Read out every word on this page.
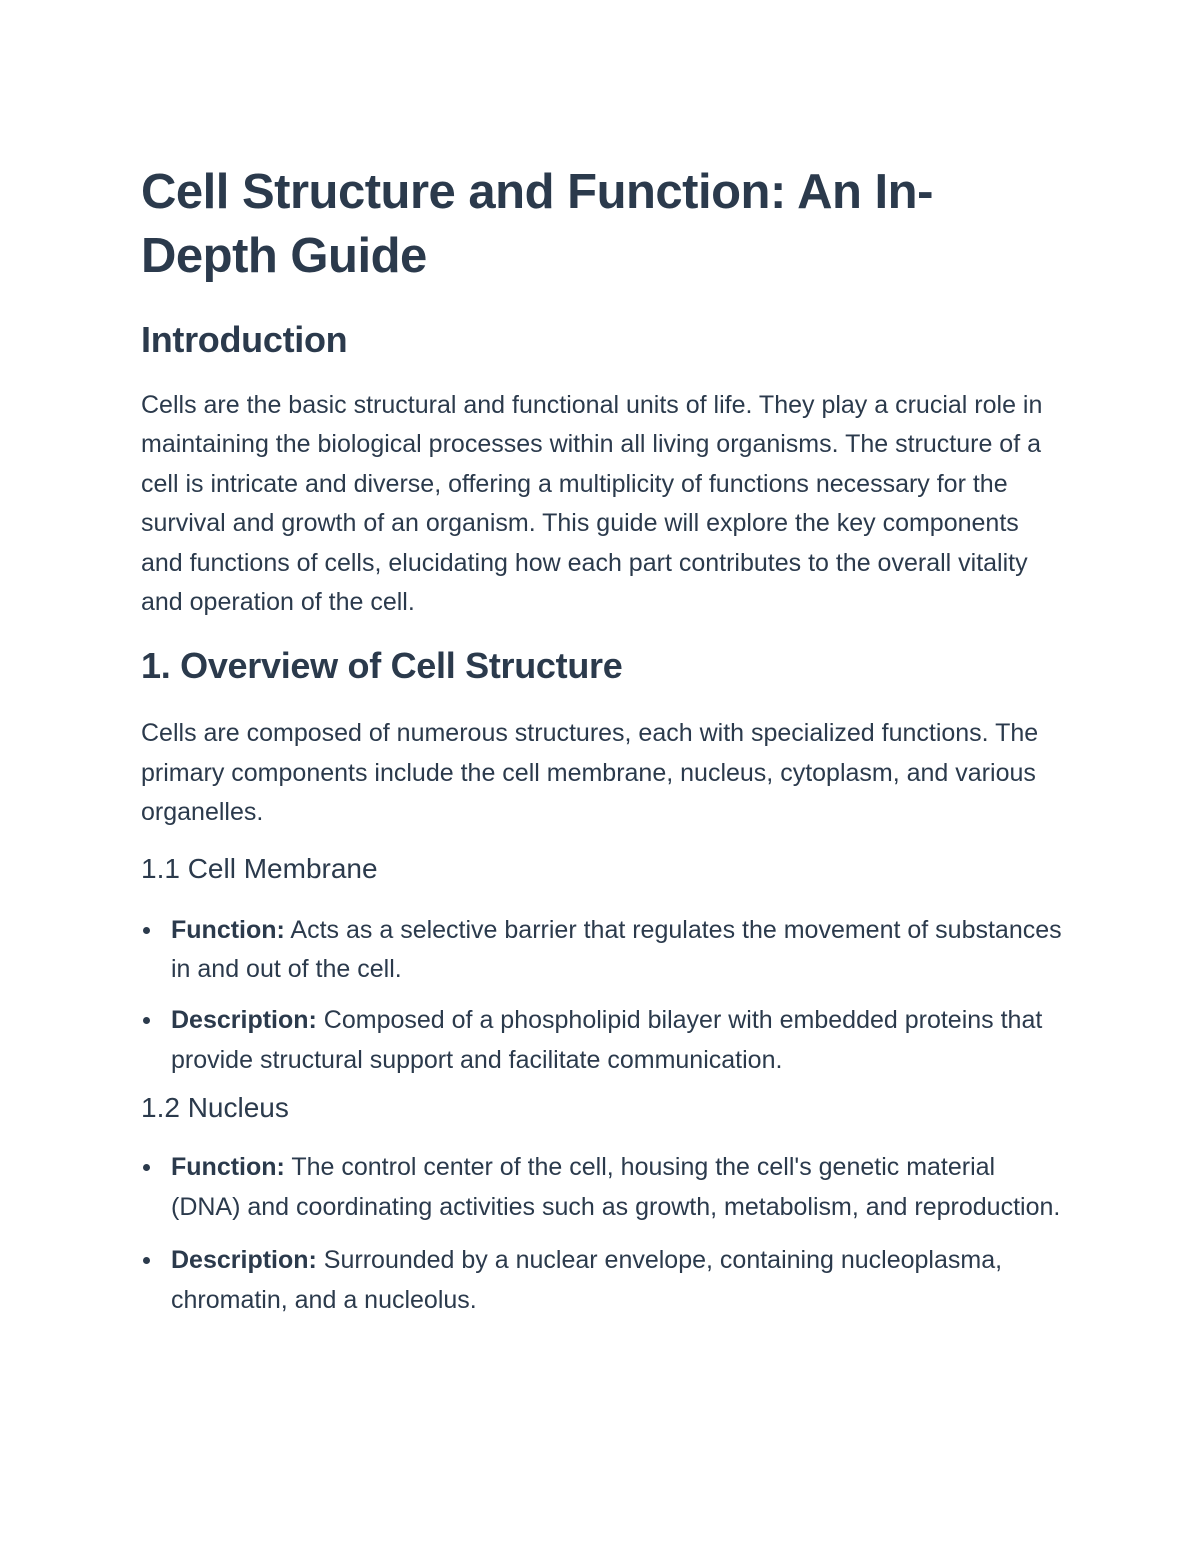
Cell Structure and Function: An In-Depth Guide
Introduction

Cells are the basic structural and functional units of life. They play a crucial role in maintaining the biological processes within all living organisms. The structure of a cell is intricate and diverse, offering a multiplicity of functions necessary for the survival and growth of an organism. This guide will explore the key components and functions of cells, elucidating how each part contributes to the overall vitality and operation of the cell.

1. Overview of Cell Structure

Cells are composed of numerous structures, each with specialized functions. The primary components include the cell membrane, nucleus, cytoplasm, and various organelles.

1.1 Cell Membrane
Function: Acts as a selective barrier that regulates the movement of substances in and out of the cell.
Description: Composed of a phospholipid bilayer with embedded proteins that provide structural support and facilitate communication.
1.2 Nucleus
Function: The control center of the cell, housing the cell's genetic material (DNA) and coordinating activities such as growth, metabolism, and reproduction.
Description: Surrounded by a nuclear envelope, containing nucleoplasma, chromatin, and a nucleolus.
